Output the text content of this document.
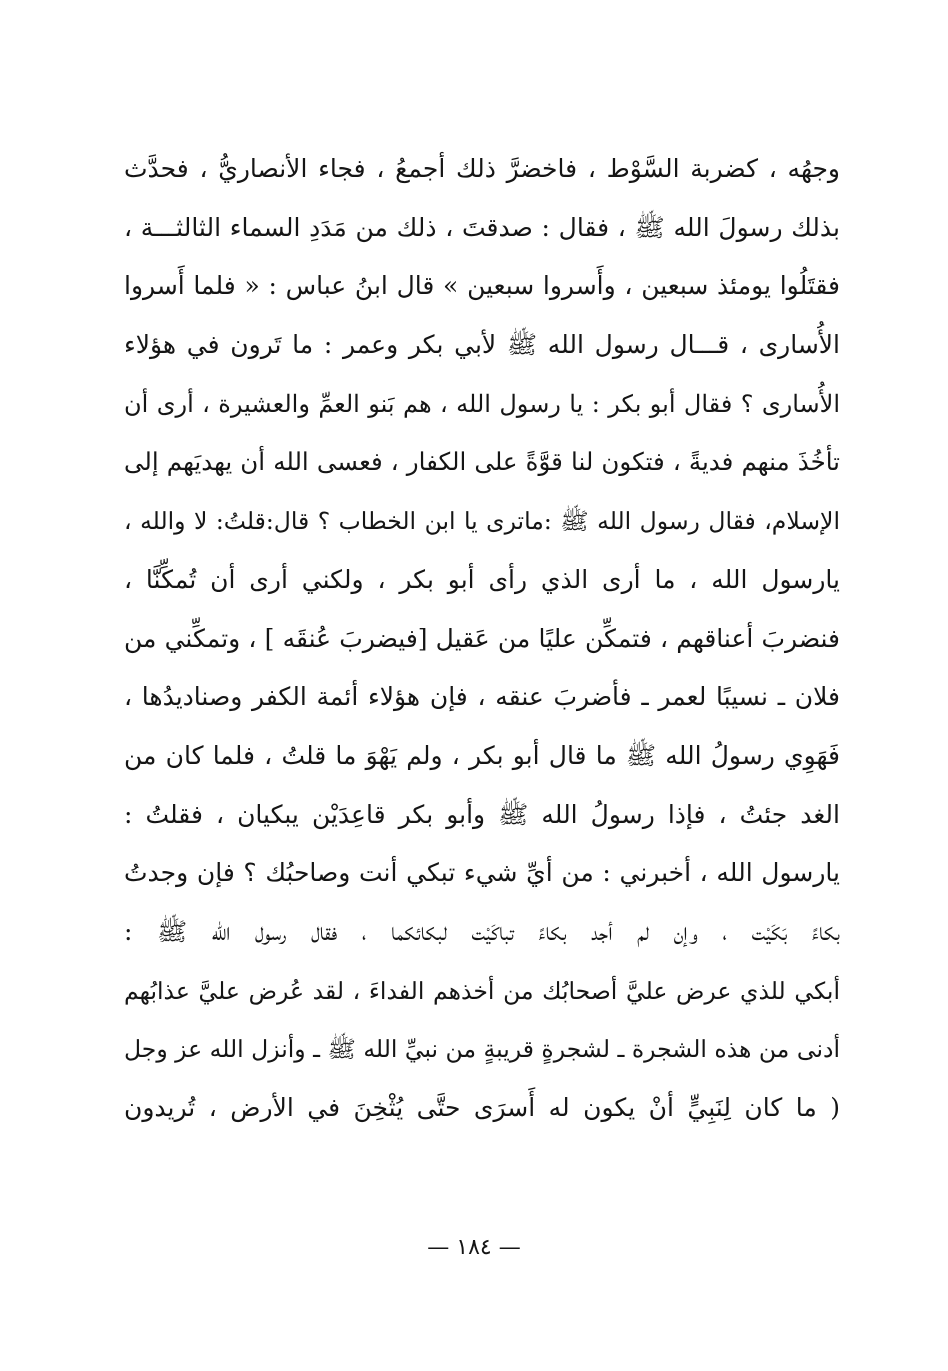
وجهُه ، كضربة السَّوْط ، فاخضرَّ ذلك أجمعُ ، فجاء الأنصاريُّ ، فحدَّث
بذلك رسولَ الله ﷺ ، فقال : صدقتَ ، ذلك من مَدَدِ السماء الثالثـــة ،
فقتَلُوا يومئذ سبعين ، وأَسروا سبعين » قال ابنُ عباس : « فلما أَسروا
الأُسارى ، قـــال رسول الله ﷺ لأبي بكر وعمر : ما تَرون في هؤلاء
الأُسارى ؟ فقال أبو بكر : يا رسول الله ، هم بَنو العمِّ والعشيرة ، أرى أن
تأخُذَ منهم فديةً ، فتكون لنا قوَّةً على الكفار ، فعسى الله أن يهديَهم إلى
الإسلام، فقال رسول الله ﷺ :ماترى يا ابن الخطاب ؟ قال:قلتُ: لا والله ،
يارسول الله ، ما أرى الذي رأى أبو بكر ، ولكني أرى أن تُمكِّنَّا ،
فنضربَ أعناقهم ، فتمكِّن عليًا من عَقيل [فيضربَ عُنقَه ] ، وتمكِّني من
فلان ـ نسيبًا لعمر ـ فأضربَ عنقه ، فإن هؤلاء أئمة الكفر وصناديدُها ،
فَهَوِي رسولُ الله ﷺ ما قال أبو بكر ، ولم يَهْوَ ما قلتُ ، فلما كان من
الغد جئتُ ، فإذا رسولُ الله ﷺ وأبو بكر قاعِدَيْن يبكيان ، فقلتُ :
يارسول الله ، أخبرني : من أيِّ شيء تبكي أنت وصاحبُك ؟ فإن وجدتُ
بكاءً بَكَيْت ، وإن لم أجد بكاءً تباكَيْت لبكائكما ، فقال رسول الله ﷺ :
أبكي للذي عرض عليَّ أصحابُك من أخذهم الفداءَ ، لقد عُرض عليَّ عذابُهم
أدنى من هذه الشجرة ـ لشجرةٍ قريبةٍ من نبيِّ الله ﷺ ـ وأنزل الله عز وجل
( ما كان لِنَبِيٍّ أنْ يكون له أَسرَى حتَّى يُثْخِنَ في الأرض ، تُريدون
— ١٨٤ —
